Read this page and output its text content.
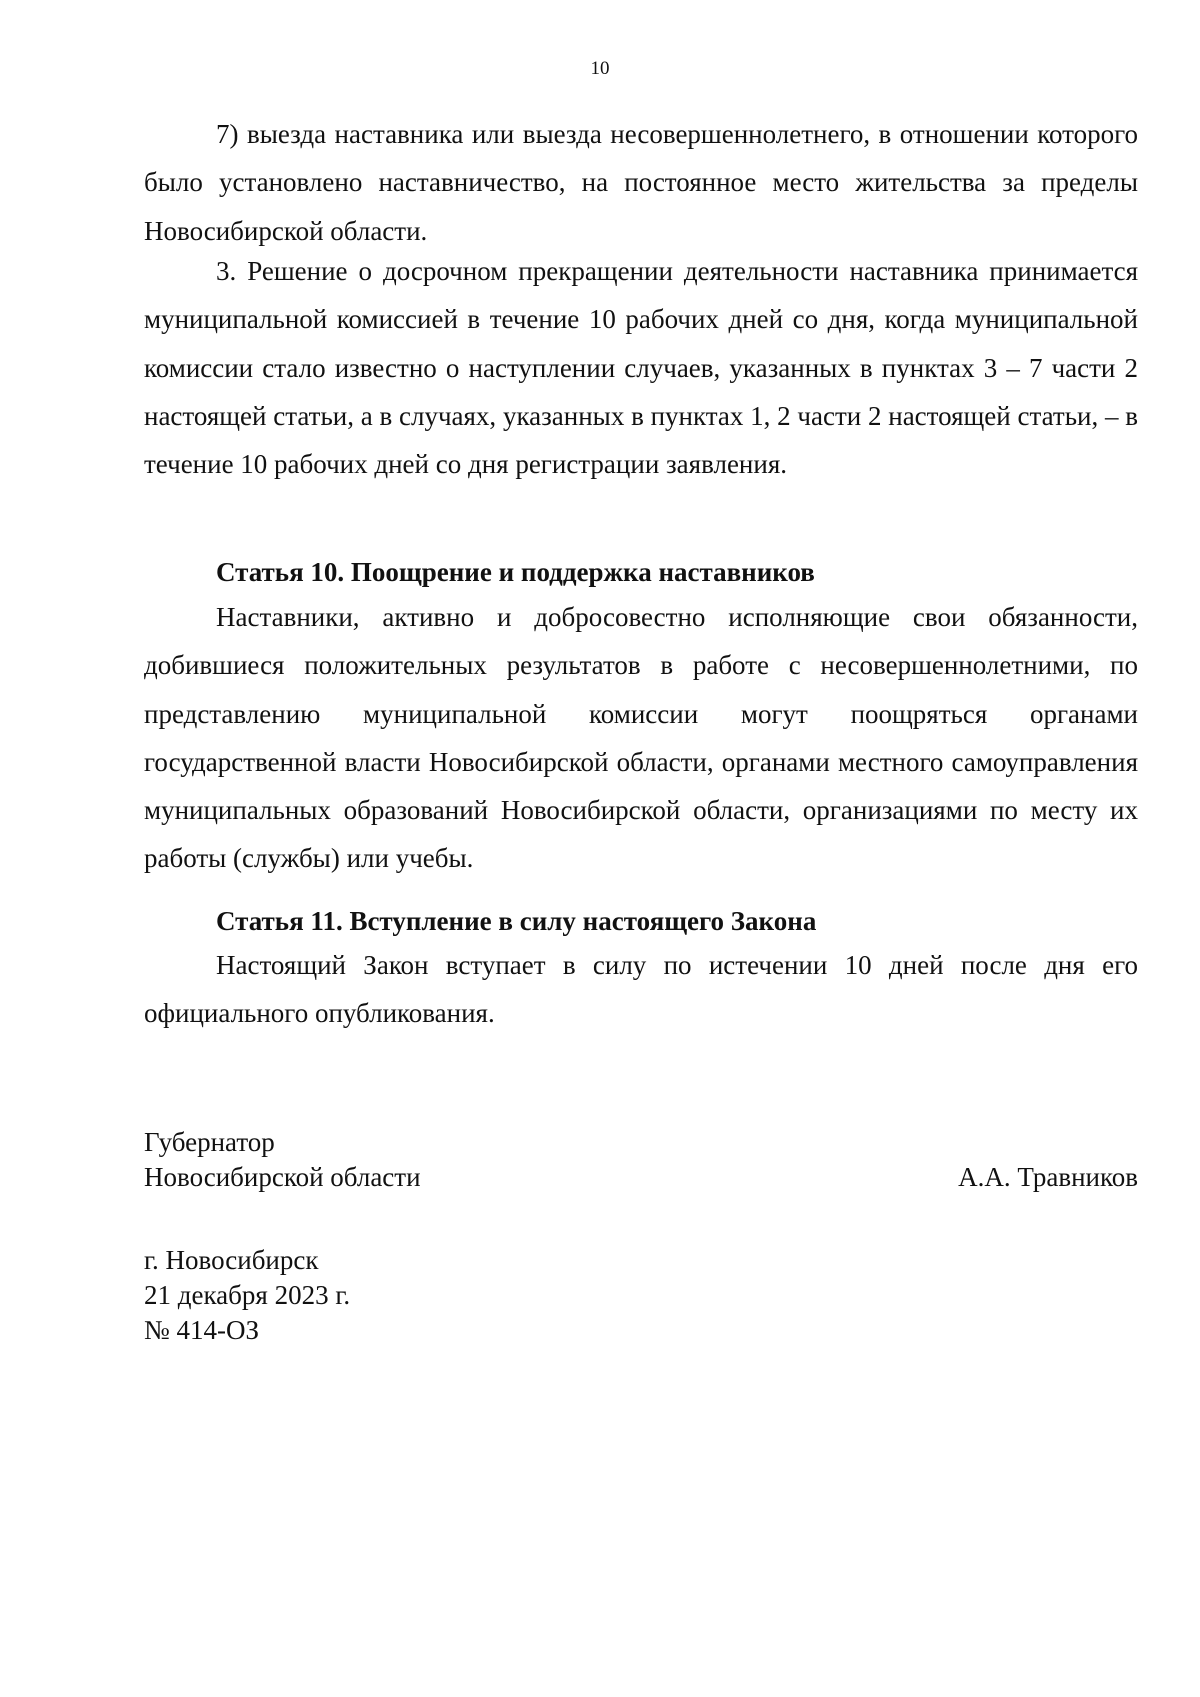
10

7) выезда наставника или выезда несовершеннолетнего, в отношении которого было установлено наставничество, на постоянное место жительства за пределы Новосибирской области.

3. Решение о досрочном прекращении деятельности наставника принимается муниципальной комиссией в течение 10 рабочих дней со дня, когда муниципальной комиссии стало известно о наступлении случаев, указанных в пунктах 3 – 7 части 2 настоящей статьи, а в случаях, указанных в пунктах 1, 2 части 2 настоящей статьи, – в течение 10 рабочих дней со дня регистрации заявления.

Статья 10. Поощрение и поддержка наставников

Наставники, активно и добросовестно исполняющие свои обязанности, добившиеся положительных результатов в работе с несовершеннолетними, по представлению муниципальной комиссии могут поощряться органами государственной власти Новосибирской области, органами местного самоуправления муниципальных образований Новосибирской области, организациями по месту их работы (службы) или учебы.

Статья 11. Вступление в силу настоящего Закона

Настоящий Закон вступает в силу по истечении 10 дней после дня его официального опубликования.

Губернатор
Новосибирской области	А.А. Травников
г. Новосибирск
21 декабря 2023 г.
№ 414-ОЗ
